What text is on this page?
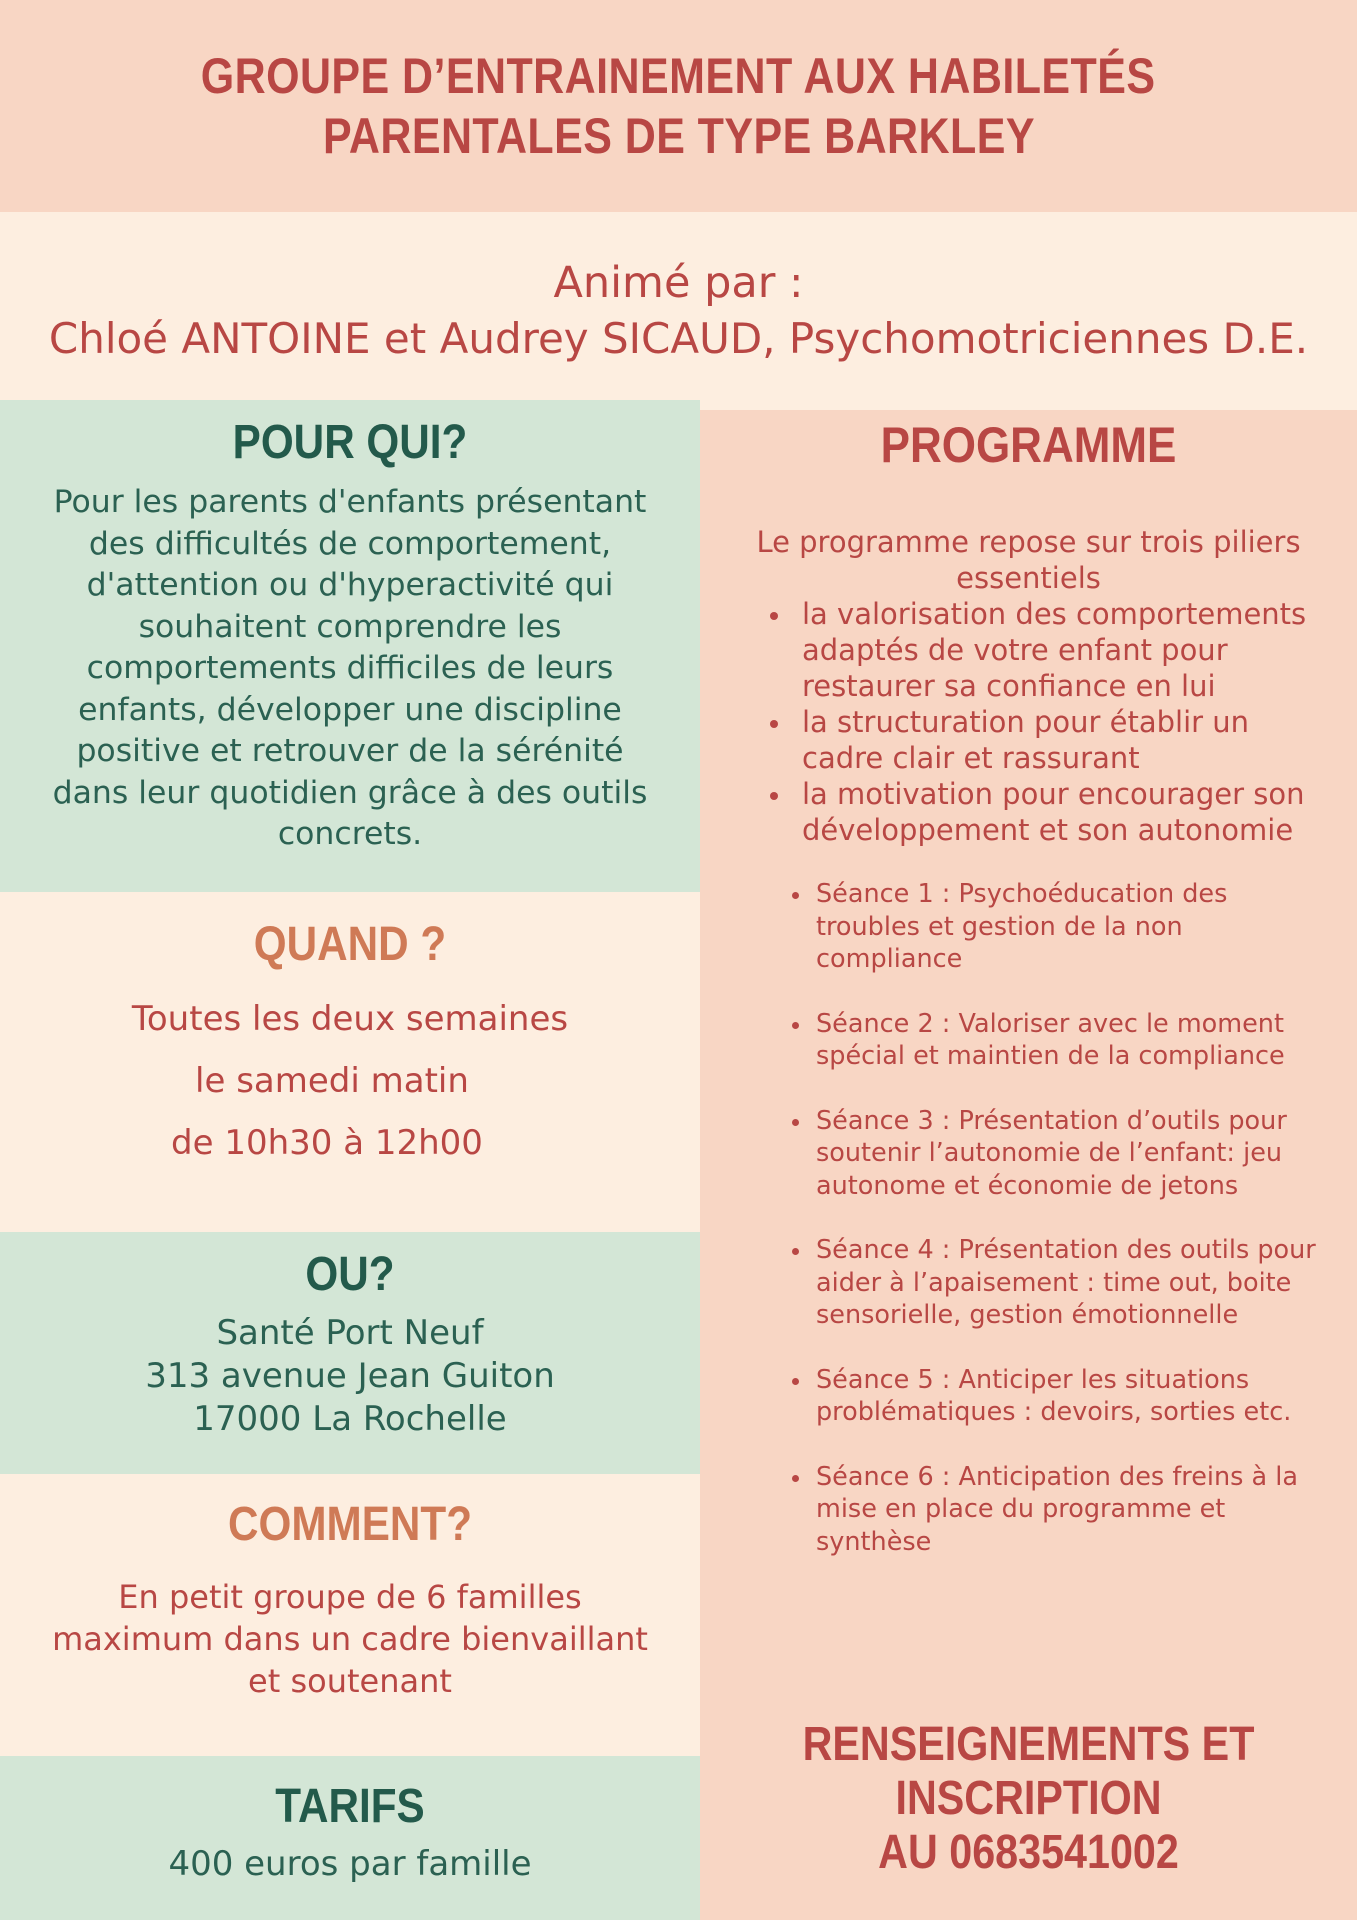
GROUPE D’ENTRAINEMENT AUX HABILETÉS
PARENTALES DE TYPE BARKLEY
Animé par :
Chloé ANTOINE et Audrey SICAUD, Psychomotriciennes D.E.
POUR QUI?

Pour les parents d'enfants présentant des difficultés de comportement, d'attention ou d'hyperactivité qui souhaitent comprendre les comportements difficiles de leurs enfants, développer une discipline positive et retrouver de la sérénité dans leur quotidien grâce à des outils concrets.

QUAND ?
Toutes les deux semaines
le samedi matin
de 10h30 à 12h00
OU?
Santé Port Neuf
313 avenue Jean Guiton
17000 La Rochelle
COMMENT?

En petit groupe de 6 familles maximum dans un cadre bienvaillant et soutenant

TARIFS
400 euros par famille
PROGRAMME
Le programme repose sur trois piliers essentiels
la valorisation des comportements adaptés de votre enfant pour restaurer sa confiance en lui
la structuration pour établir un cadre clair et rassurant
la motivation pour encourager son développement et son autonomie
Séance 1 : Psychoéducation des troubles et gestion de la non compliance
Séance 2 : Valoriser avec le moment spécial et maintien de la compliance
Séance 3 : Présentation d’outils pour soutenir l’autonomie de l’enfant: jeu autonome et économie de jetons
Séance 4 : Présentation des outils pour aider à l’apaisement : time out, boite sensorielle, gestion émotionnelle
Séance 5 : Anticiper les situations problématiques : devoirs, sorties etc.
Séance 6 : Anticipation des freins à la mise en place du programme et synthèse
RENSEIGNEMENTS ET
INSCRIPTION
AU 0683541002
